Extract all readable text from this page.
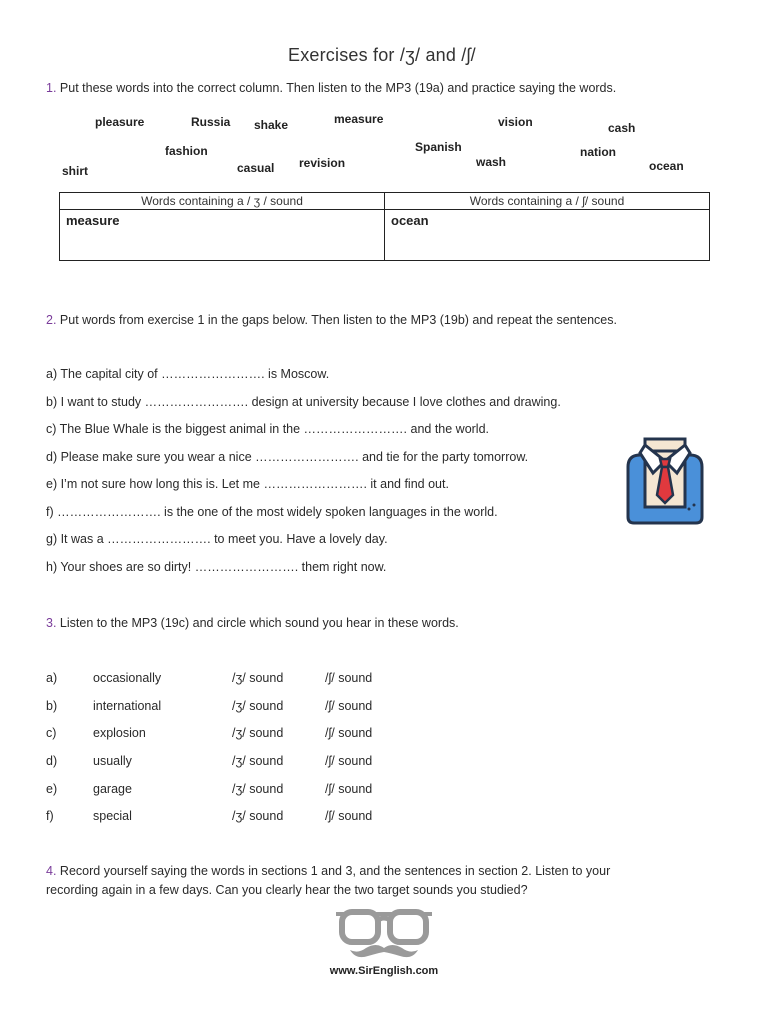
Exercises for /ʒ/ and /ʃ/
1. Put these words into the correct column. Then listen to the MP3 (19a) and practice saying the words.
pleasure	Russia shake	measure	vision	cash
fashion	Spanish	nation
shirt	casual revision	wash	ocean
Words containing a / ʒ / sound	Words containing a / ʃ/ sound
measure	ocean
2. Put words from exercise 1 in the gaps below. Then listen to the MP3 (19b) and repeat the sentences.
a) The capital city of ……………………. is Moscow.
b) I want to study ……………………. design at university because I love clothes and drawing.
c) The Blue Whale is the biggest animal in the ……………………. and the world.
d) Please make sure you wear a nice ……………………. and tie for the party tomorrow.
e) I’m not sure how long this is. Let me ……………………. it and find out.
f) ……………………. is the one of the most widely spoken languages in the world.
g) It was a ……………………. to meet you. Have a lovely day.
h) Your shoes are so dirty! ……………………. them right now.
3. Listen to the MP3 (19c) and circle which sound you hear in these words.
a)	occasionally	/ʒ/ sound	/ʃ/ sound
b)	international	/ʒ/ sound	/ʃ/ sound
c)	explosion	/ʒ/ sound	/ʃ/ sound
d)	usually	/ʒ/ sound	/ʃ/ sound
e)	garage	/ʒ/ sound	/ʃ/ sound
f)	special	/ʒ/ sound	/ʃ/ sound
4. Record yourself saying the words in sections 1 and 3, and the sentences in section 2. Listen to your
recording again in a few days. Can you clearly hear the two target sounds you studied?
www.SirEnglish.com
